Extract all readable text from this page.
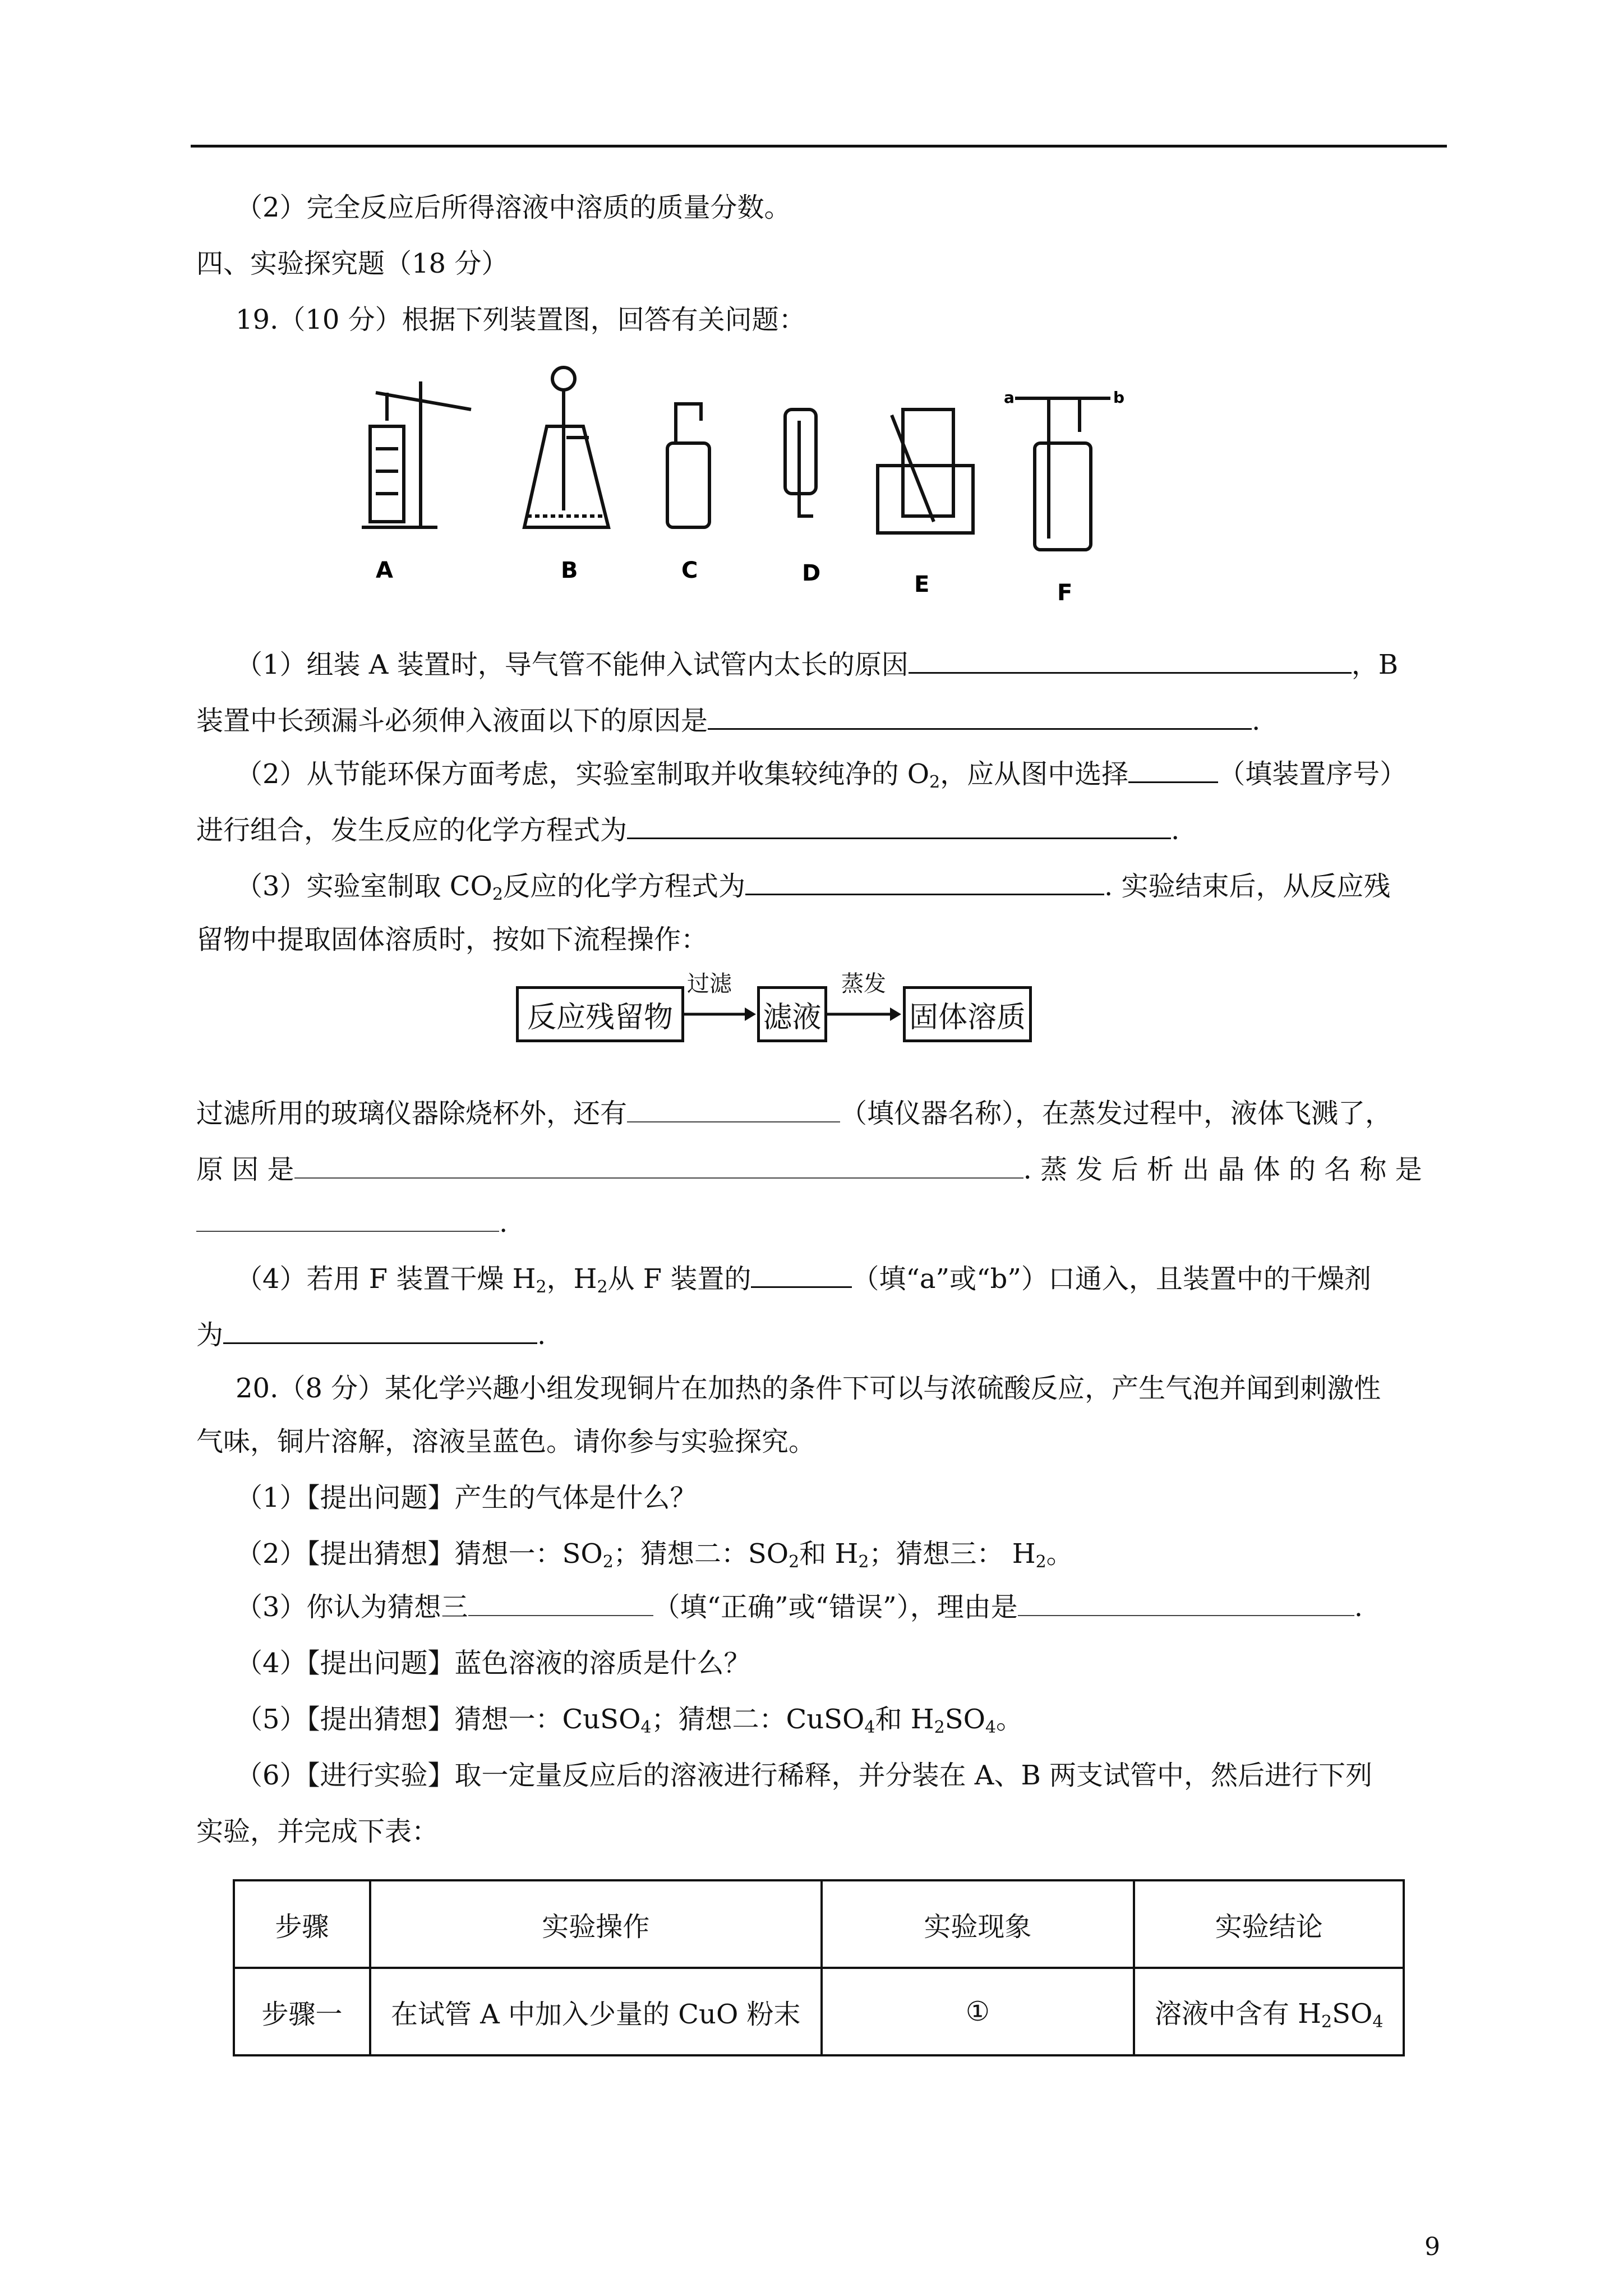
（2）完全反应后所得溶液中溶质的质量分数。
四、实验探究题（18 分）
19.（10 分）根据下列装置图，回答有关问题：
A	B	C	D	E	F
a	b
（1）组装 A 装置时，导气管不能伸入试管内太长的原因	，B
装置中长颈漏斗必须伸入液面以下的原因是	.
（2）从节能环保方面考虑，实验室制取并收集较纯净的 $O_2$，应从图中选择	（填装置序号）
进行组合，发生反应的化学方程式为	.
（3）实验室制取 $CO_2$反应的化学方程式为	. 实验结束后，从反应残
留物中提取固体溶质时，按如下流程操作：
反应残留物
过滤
滤液
蒸发
固体溶质
过滤所用的玻璃仪器除烧杯外，还有	（填仪器名称），在蒸发过程中，液体飞溅了，
原 因 是	. 蒸 发 后 析 出 晶 体 的 名 称 是
.
（4）若用 F 装置干燥 $H_2$，$H_2$从 F 装置的	（填“a”或“b”）口通入，且装置中的干燥剂
为	.
20.（8 分）某化学兴趣小组发现铜片在加热的条件下可以与浓硫酸反应，产生气泡并闻到刺激性
气味，铜片溶解，溶液呈蓝色。请你参与实验探究。
（1）【提出问题】产生的气体是什么？
（2）【提出猜想】猜想一：$SO_2$；猜想二：$SO_2$和 $H_2$；猜想三： $H_2$。
（3）你认为猜想三	（填“正确”或“错误”），理由是	.
（4）【提出问题】蓝色溶液的溶质是什么？
（5）【提出猜想】猜想一：CuSO$_4$；猜想二：CuSO$_4$和 $H_2SO_4$。
（6）【进行实验】取一定量反应后的溶液进行稀释，并分装在 A、B 两支试管中，然后进行下列
实验，并完成下表：
步骤	实验操作	实验现象	实验结论
步骤一	在试管 A 中加入少量的 CuO 粉末	①	溶液中含有 $H_2SO_4$
9
